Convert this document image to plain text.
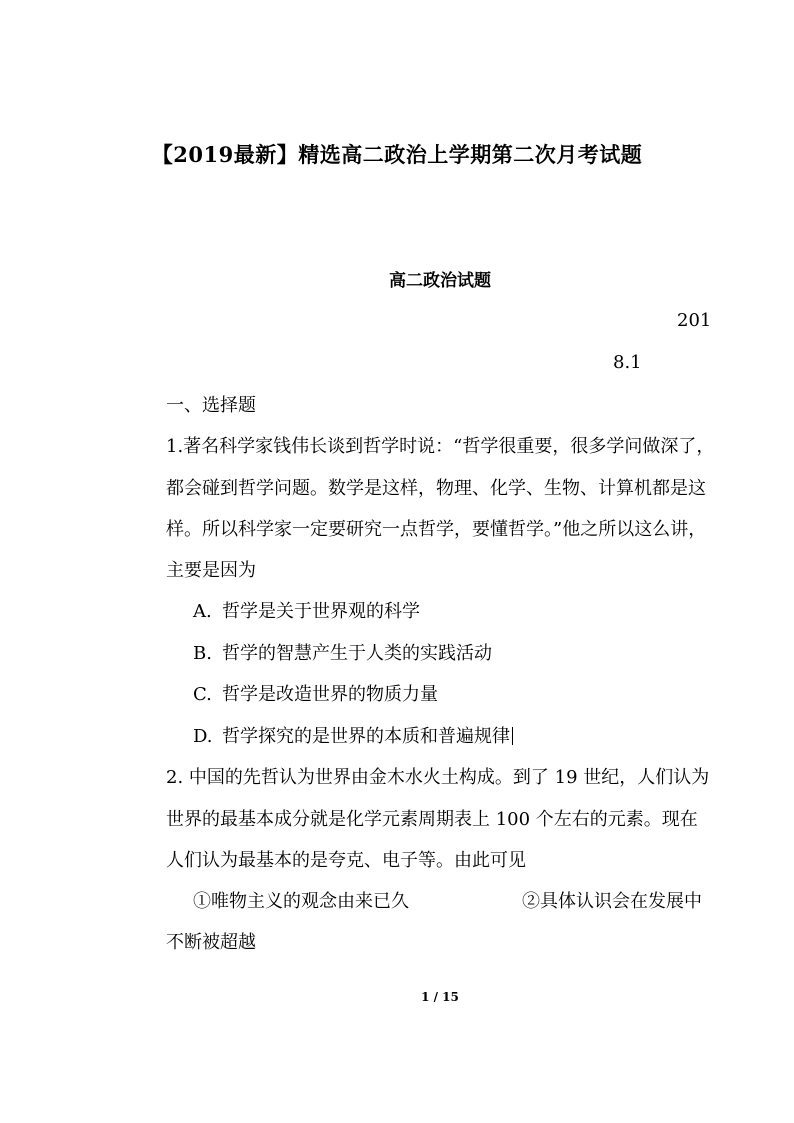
【2019最新】精选高二政治上学期第二次月考试题
高二政治试题
201
8.1
一、选择题
1.著名科学家钱伟长谈到哲学时说：“哲学很重要，很多学问做深了，
都会碰到哲学问题。数学是这样，物理、化学、生物、计算机都是这
样。所以科学家一定要研究一点哲学，要懂哲学。”他之所以这么讲，
主要是因为
A. 哲学是关于世界观的科学
B. 哲学的智慧产生于人类的实践活动
C. 哲学是改造世界的物质力量
D. 哲学探究的是世界的本质和普遍规律
2. 中国的先哲认为世界由金木水火土构成。到了 19 世纪，人们认为
世界的最基本成分就是化学元素周期表上 100 个左右的元素。现在
人们认为最基本的是夸克、电子等。由此可见
①唯物主义的观念由来已久	②具体认识会在发展中
不断被超越
1 / 15
